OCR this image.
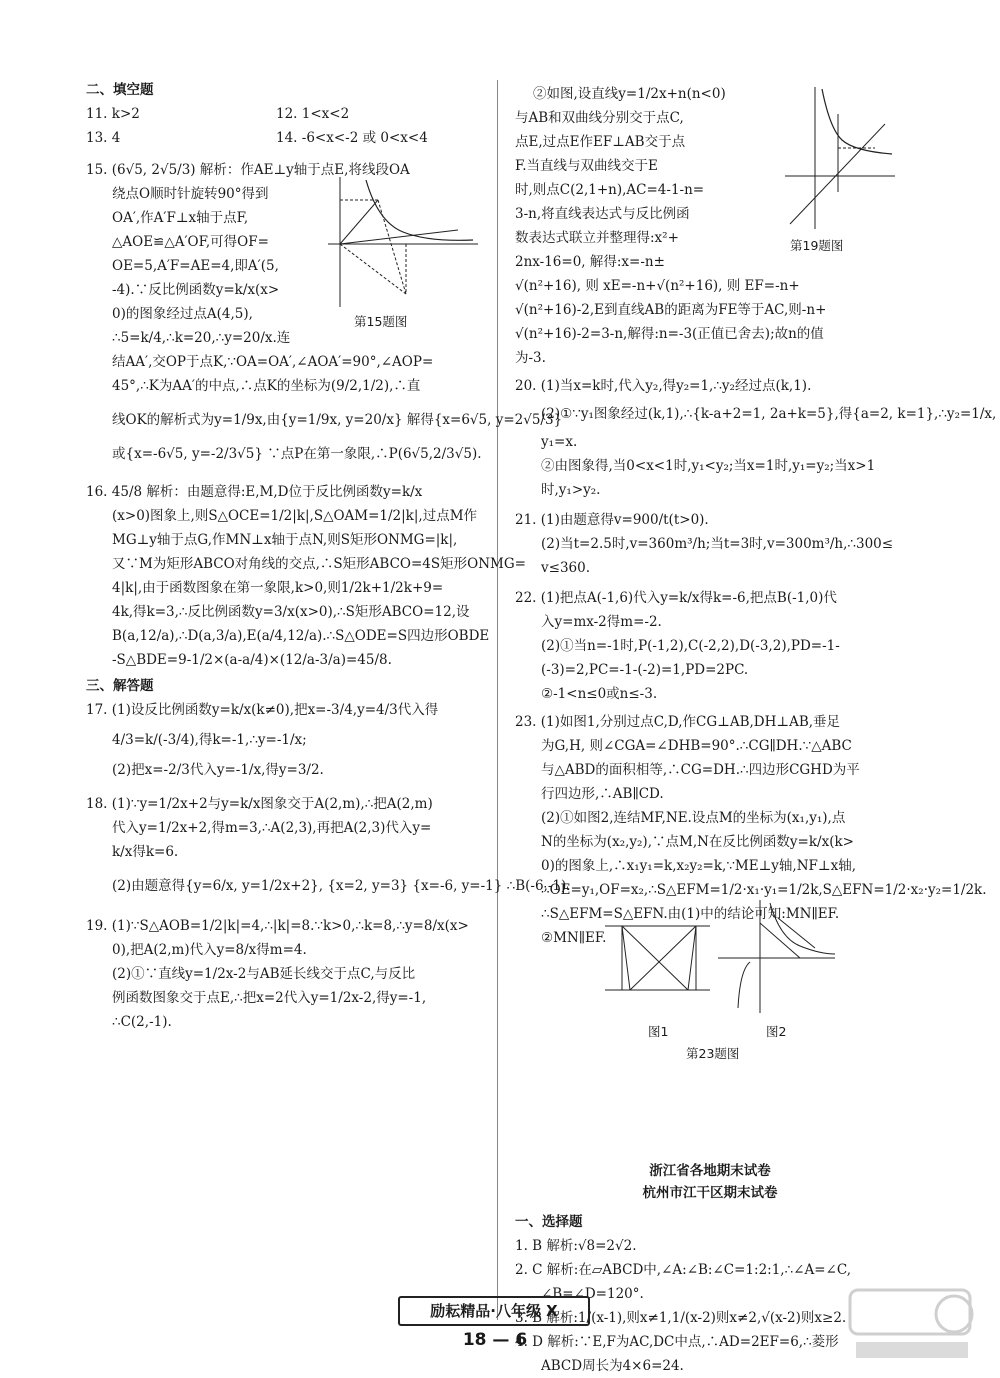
二、填空题
11. k>2	12. 1<x<2
13. 4	14. -6<x<-2 或 0<x<4
15. (6√5, 2√5/3) 解析：作AE⊥y轴于点E,将线段OA
绕点O顺时针旋转90°得到
OA′,作A′F⊥x轴于点F,
△AOE≌△A′OF,可得OF=
OE=5,A′F=AE=4,即A′(5,
-4).∵反比例函数y=k/x(x>
0)的图象经过点A(4,5),
∴5=k/4,∴k=20,∴y=20/x.连
结AA′,交OP于点K,∵OA=OA′,∠AOA′=90°,∠AOP=
45°,∴K为AA′的中点,∴点K的坐标为(9/2,1/2),∴直
线OK的解析式为y=1/9x,由{y=1/9x, y=20/x} 解得{x=6√5, y=2√5/3}
或{x=-6√5, y=-2/3√5} ∵点P在第一象限,∴P(6√5,2/3√5).
16. 45/8 解析：由题意得:E,M,D位于反比例函数y=k/x
(x>0)图象上,则S△OCE=1/2|k|,S△OAM=1/2|k|,过点M作
MG⊥y轴于点G,作MN⊥x轴于点N,则S矩形ONMG=|k|,
又∵M为矩形ABCO对角线的交点,∴S矩形ABCO=4S矩形ONMG=
4|k|,由于函数图象在第一象限,k>0,则1/2k+1/2k+9=
4k,得k=3,∴反比例函数y=3/x(x>0),∴S矩形ABCO=12,设
B(a,12/a),∴D(a,3/a),E(a/4,12/a).∴S△ODE=S四边形OBDE
-S△BDE=9-1/2×(a-a/4)×(12/a-3/a)=45/8.
三、解答题
17. (1)设反比例函数y=k/x(k≠0),把x=-3/4,y=4/3代入得
4/3=k/(-3/4),得k=-1,∴y=-1/x;
(2)把x=-2/3代入y=-1/x,得y=3/2.
18. (1)∵y=1/2x+2与y=k/x图象交于A(2,m),∴把A(2,m)
代入y=1/2x+2,得m=3,∴A(2,3),再把A(2,3)代入y=
k/x得k=6.
(2)由题意得{y=6/x, y=1/2x+2}, {x=2, y=3} {x=-6, y=-1} ∴B(-6,-1).
19. (1)∵S△AOB=1/2|k|=4,∴|k|=8.∵k>0,∴k=8,∴y=8/x(x>
0),把A(2,m)代入y=8/x得m=4.
(2)①∵直线y=1/2x-2与AB延长线交于点C,与反比
例函数图象交于点E,∴把x=2代入y=1/2x-2,得y=-1,
∴C(2,-1).
第15题图
②如图,设直线y=1/2x+n(n<0)
与AB和双曲线分别交于点C,
点E,过点E作EF⊥AB交于点
F.当直线与双曲线交于E
时,则点C(2,1+n),AC=4-1-n=
3-n,将直线表达式与反比例函
数表达式联立并整理得:x²+
2nx-16=0, 解得:x=-n±
√(n²+16), 则 xE=-n+√(n²+16), 则 EF=-n+
√(n²+16)-2,E到直线AB的距离为FE等于AC,则-n+
√(n²+16)-2=3-n,解得:n=-3(正值已舍去);故n的值
为-3.
20. (1)当x=k时,代入y₂,得y₂=1,∴y₂经过点(k,1).
(2)①∵y₁图象经过(k,1),∴{k-a+2=1, 2a+k=5},得{a=2, k=1},∴y₂=1/x,
y₁=x.
②由图象得,当0<x<1时,y₁<y₂;当x=1时,y₁=y₂;当x>1
时,y₁>y₂.
21. (1)由题意得v=900/t(t>0).
(2)当t=2.5时,v=360m³/h;当t=3时,v=300m³/h,∴300≤
v≤360.
22. (1)把点A(-1,6)代入y=k/x得k=-6,把点B(-1,0)代
入y=mx-2得m=-2.
(2)①当n=-1时,P(-1,2),C(-2,2),D(-3,2),PD=-1-
(-3)=2,PC=-1-(-2)=1,PD=2PC.
②-1<n≤0或n≤-3.
23. (1)如图1,分别过点C,D,作CG⊥AB,DH⊥AB,垂足
为G,H, 则∠CGA=∠DHB=90°.∴CG∥DH.∵△ABC
与△ABD的面积相等,∴CG=DH.∴四边形CGHD为平
行四边形,∴AB∥CD.
(2)①如图2,连结MF,NE.设点M的坐标为(x₁,y₁),点
N的坐标为(x₂,y₂),∵点M,N在反比例函数y=k/x(k>
0)的图象上,∴x₁y₁=k,x₂y₂=k,∵ME⊥y轴,NF⊥x轴,
∴OE=y₁,OF=x₂,∴S△EFM=1/2·x₁·y₁=1/2k,S△EFN=1/2·x₂·y₂=1/2k.
∴S△EFM=S△EFN.由(1)中的结论可知:MN∥EF.
②MN∥EF.
浙江省各地期末试卷
杭州市江干区期末试卷
一、选择题
1. B 解析:√8=2√2.
2. C 解析:在▱ABCD中,∠A:∠B:∠C=1:2:1,∴∠A=∠C,
∠B=∠D=120°.
3. B 解析:1/(x-1),则x≠1,1/(x-2)则x≠2,√(x-2)则x≥2.
4. D 解析:∵E,F为AC,DC中点,∴AD=2EF=6,∴菱形
ABCD周长为4×6=24.
第19题图
图1	图2
第23题图
励耘精品·八年级 X
18 — 6
